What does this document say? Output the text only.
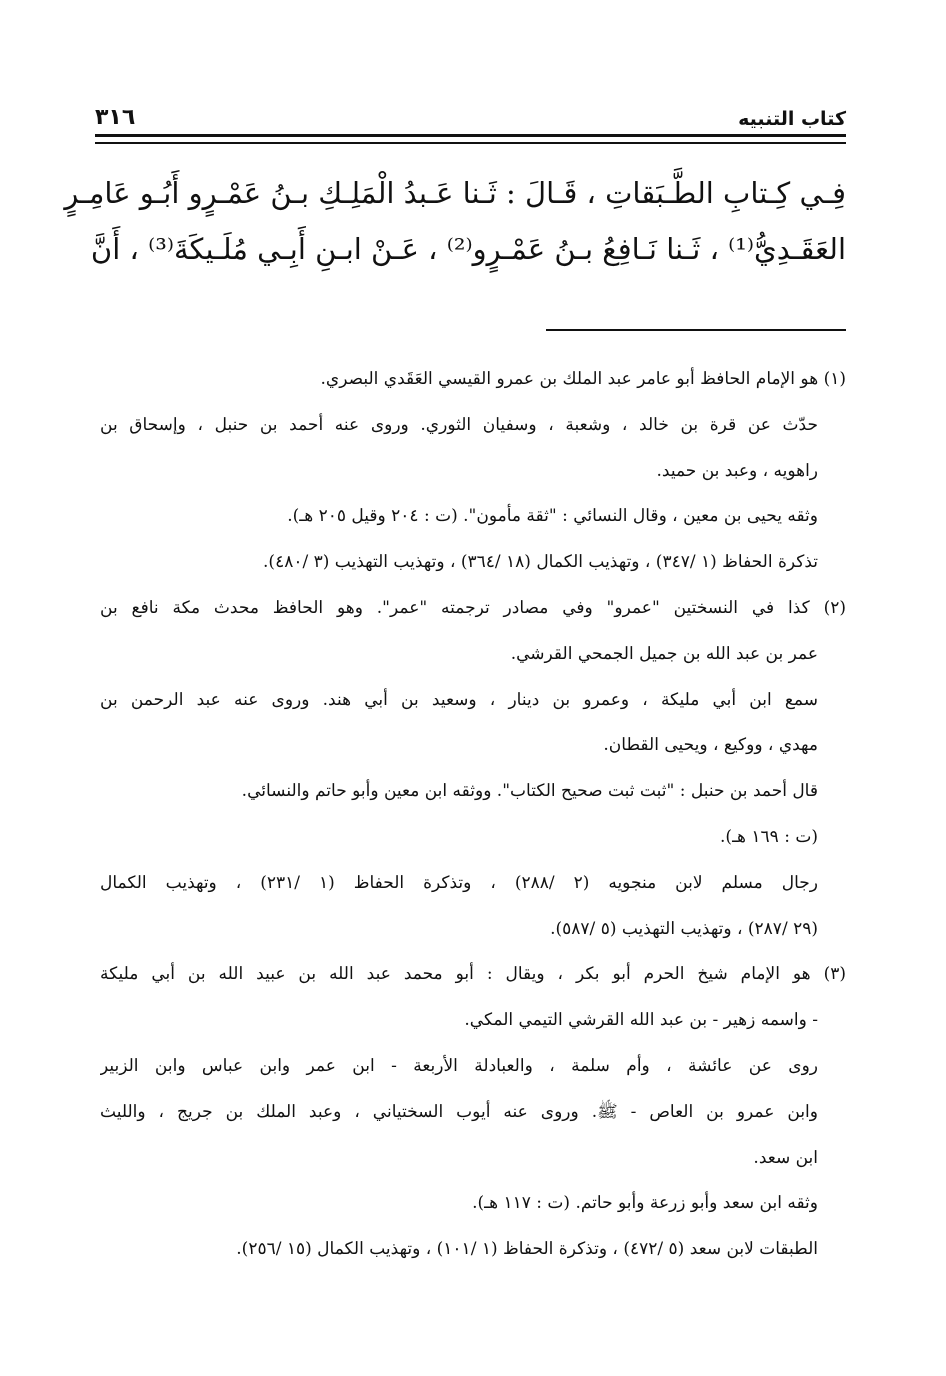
كتاب التنبيه
٣١٦
فِـي كِـتابِ الطَّـبَقاتِ ، قَـالَ : ثَـنا عَـبدُ الْمَلِـكِ بـنُ عَمْـرٍو أَبُـو عَامِـرٍ
العَقَـدِيُّ⁽¹⁾ ، ثَـنا نَـافِعُ بـنُ عَمْـرٍو⁽²⁾ ، عَـنْ ابـنِ أَبِـي مُلَـيكَةَ⁽³⁾ ، أَنَّ
(١) هو الإمام الحافظ أبو عامر عبد الملك بن عمرو القيسي العَقَدي البصري.
حدّث عن قرة بن خالد ، وشعبة ، وسفيان الثوري. وروى عنه أحمد بن حنبل ، وإسحاق بن
راهويه ، وعبد بن حميد.
وثقه يحيى بن معين ، وقال النسائي : "ثقة مأمون". (ت : ٢٠٤ وقيل ٢٠٥ هـ).
تذكرة الحفاظ (١ /٣٤٧) ، وتهذيب الكمال (١٨ /٣٦٤) ، وتهذيب التهذيب (٣ /٤٨٠).
(٢) كذا في النسختين "عمرو" وفي مصادر ترجمته "عمر". وهو الحافظ محدث مكة نافع بن
عمر بن عبد الله بن جميل الجمحي القرشي.
سمع ابن أبي مليكة ، وعمرو بن دينار ، وسعيد بن أبي هند. وروى عنه عبد الرحمن بن
مهدي ، ووكيع ، ويحيى القطان.
قال أحمد بن حنبل : "ثبت ثبت صحيح الكتاب". ووثقه ابن معين وأبو حاتم والنسائي.
(ت : ١٦٩ هـ).
رجال مسلم لابن منجويه (٢ /٢٨٨) ، وتذكرة الحفاظ (١ /٢٣١) ، وتهذيب الكمال
(٢٩ /٢٨٧) ، وتهذيب التهذيب (٥ /٥٨٧).
(٣) هو الإمام شيخ الحرم أبو بكر ، ويقال : أبو محمد عبد الله بن عبيد الله بن أبي مليكة
- واسمه زهير - بن عبد الله القرشي التيمي المكي.
روى عن عائشة ، وأم سلمة ، والعبادلة الأربعة - ابن عمر وابن عباس وابن الزبير
وابن عمرو بن العاص - ﷺ. وروى عنه أيوب السختياني ، وعبد الملك بن جريج ، والليث
ابن سعد.
وثقه ابن سعد وأبو زرعة وأبو حاتم. (ت : ١١٧ هـ).
الطبقات لابن سعد (٥ /٤٧٢) ، وتذكرة الحفاظ (١ /١٠١) ، وتهذيب الكمال (١٥ /٢٥٦).
